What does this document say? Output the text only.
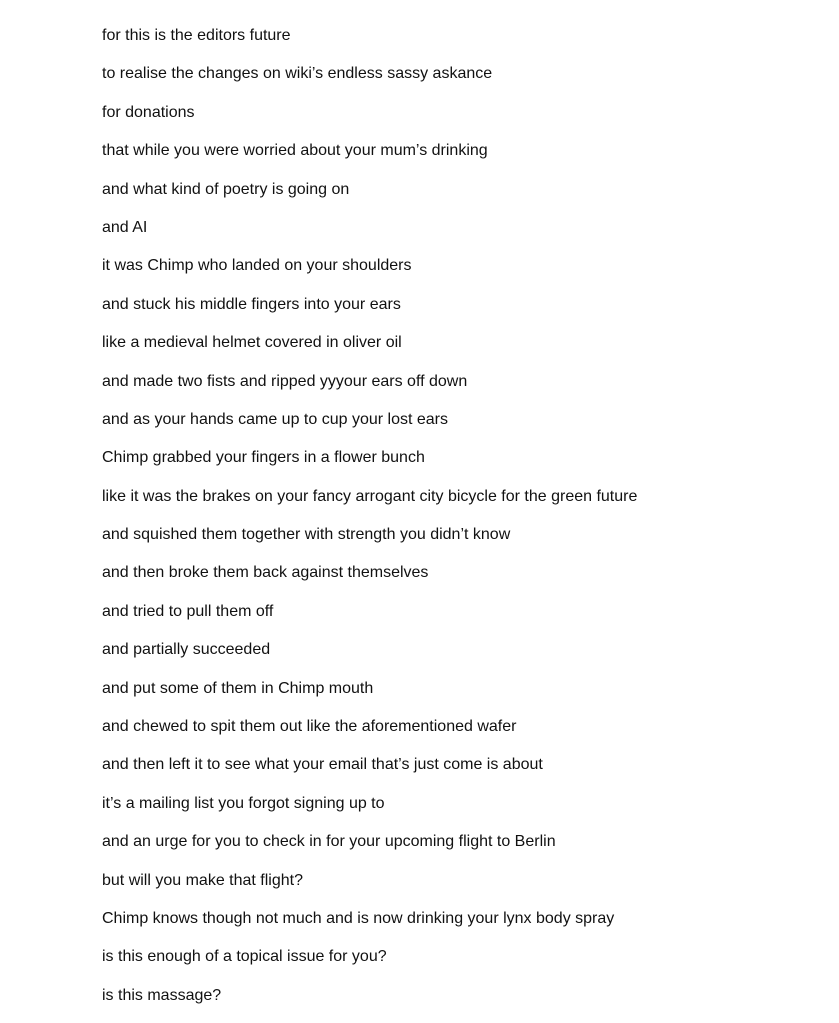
for this is the editors future
to realise the changes on wiki’s endless sassy askance
for donations
that while you were worried about your mum’s drinking
and what kind of poetry is going on
and AI
it was Chimp who landed on your shoulders
and stuck his middle fingers into your ears
like a medieval helmet covered in oliver oil
and made two fists and ripped yyyour ears off down
and as your hands came up to cup your lost ears
Chimp grabbed your fingers in a flower bunch
like it was the brakes on your fancy arrogant city bicycle for the green future
and squished them together with strength you didn’t know
and then broke them back against themselves
and tried to pull them off
and partially succeeded
and put some of them in Chimp mouth
and chewed to spit them out like the aforementioned wafer
and then left it to see what your email that’s just come is about
it’s a mailing list you forgot signing up to
and an urge for you to check in for your upcoming flight to Berlin
but will you make that flight?
Chimp knows though not much and is now drinking your lynx body spray
is this enough of a topical issue for you?
is this massage?
